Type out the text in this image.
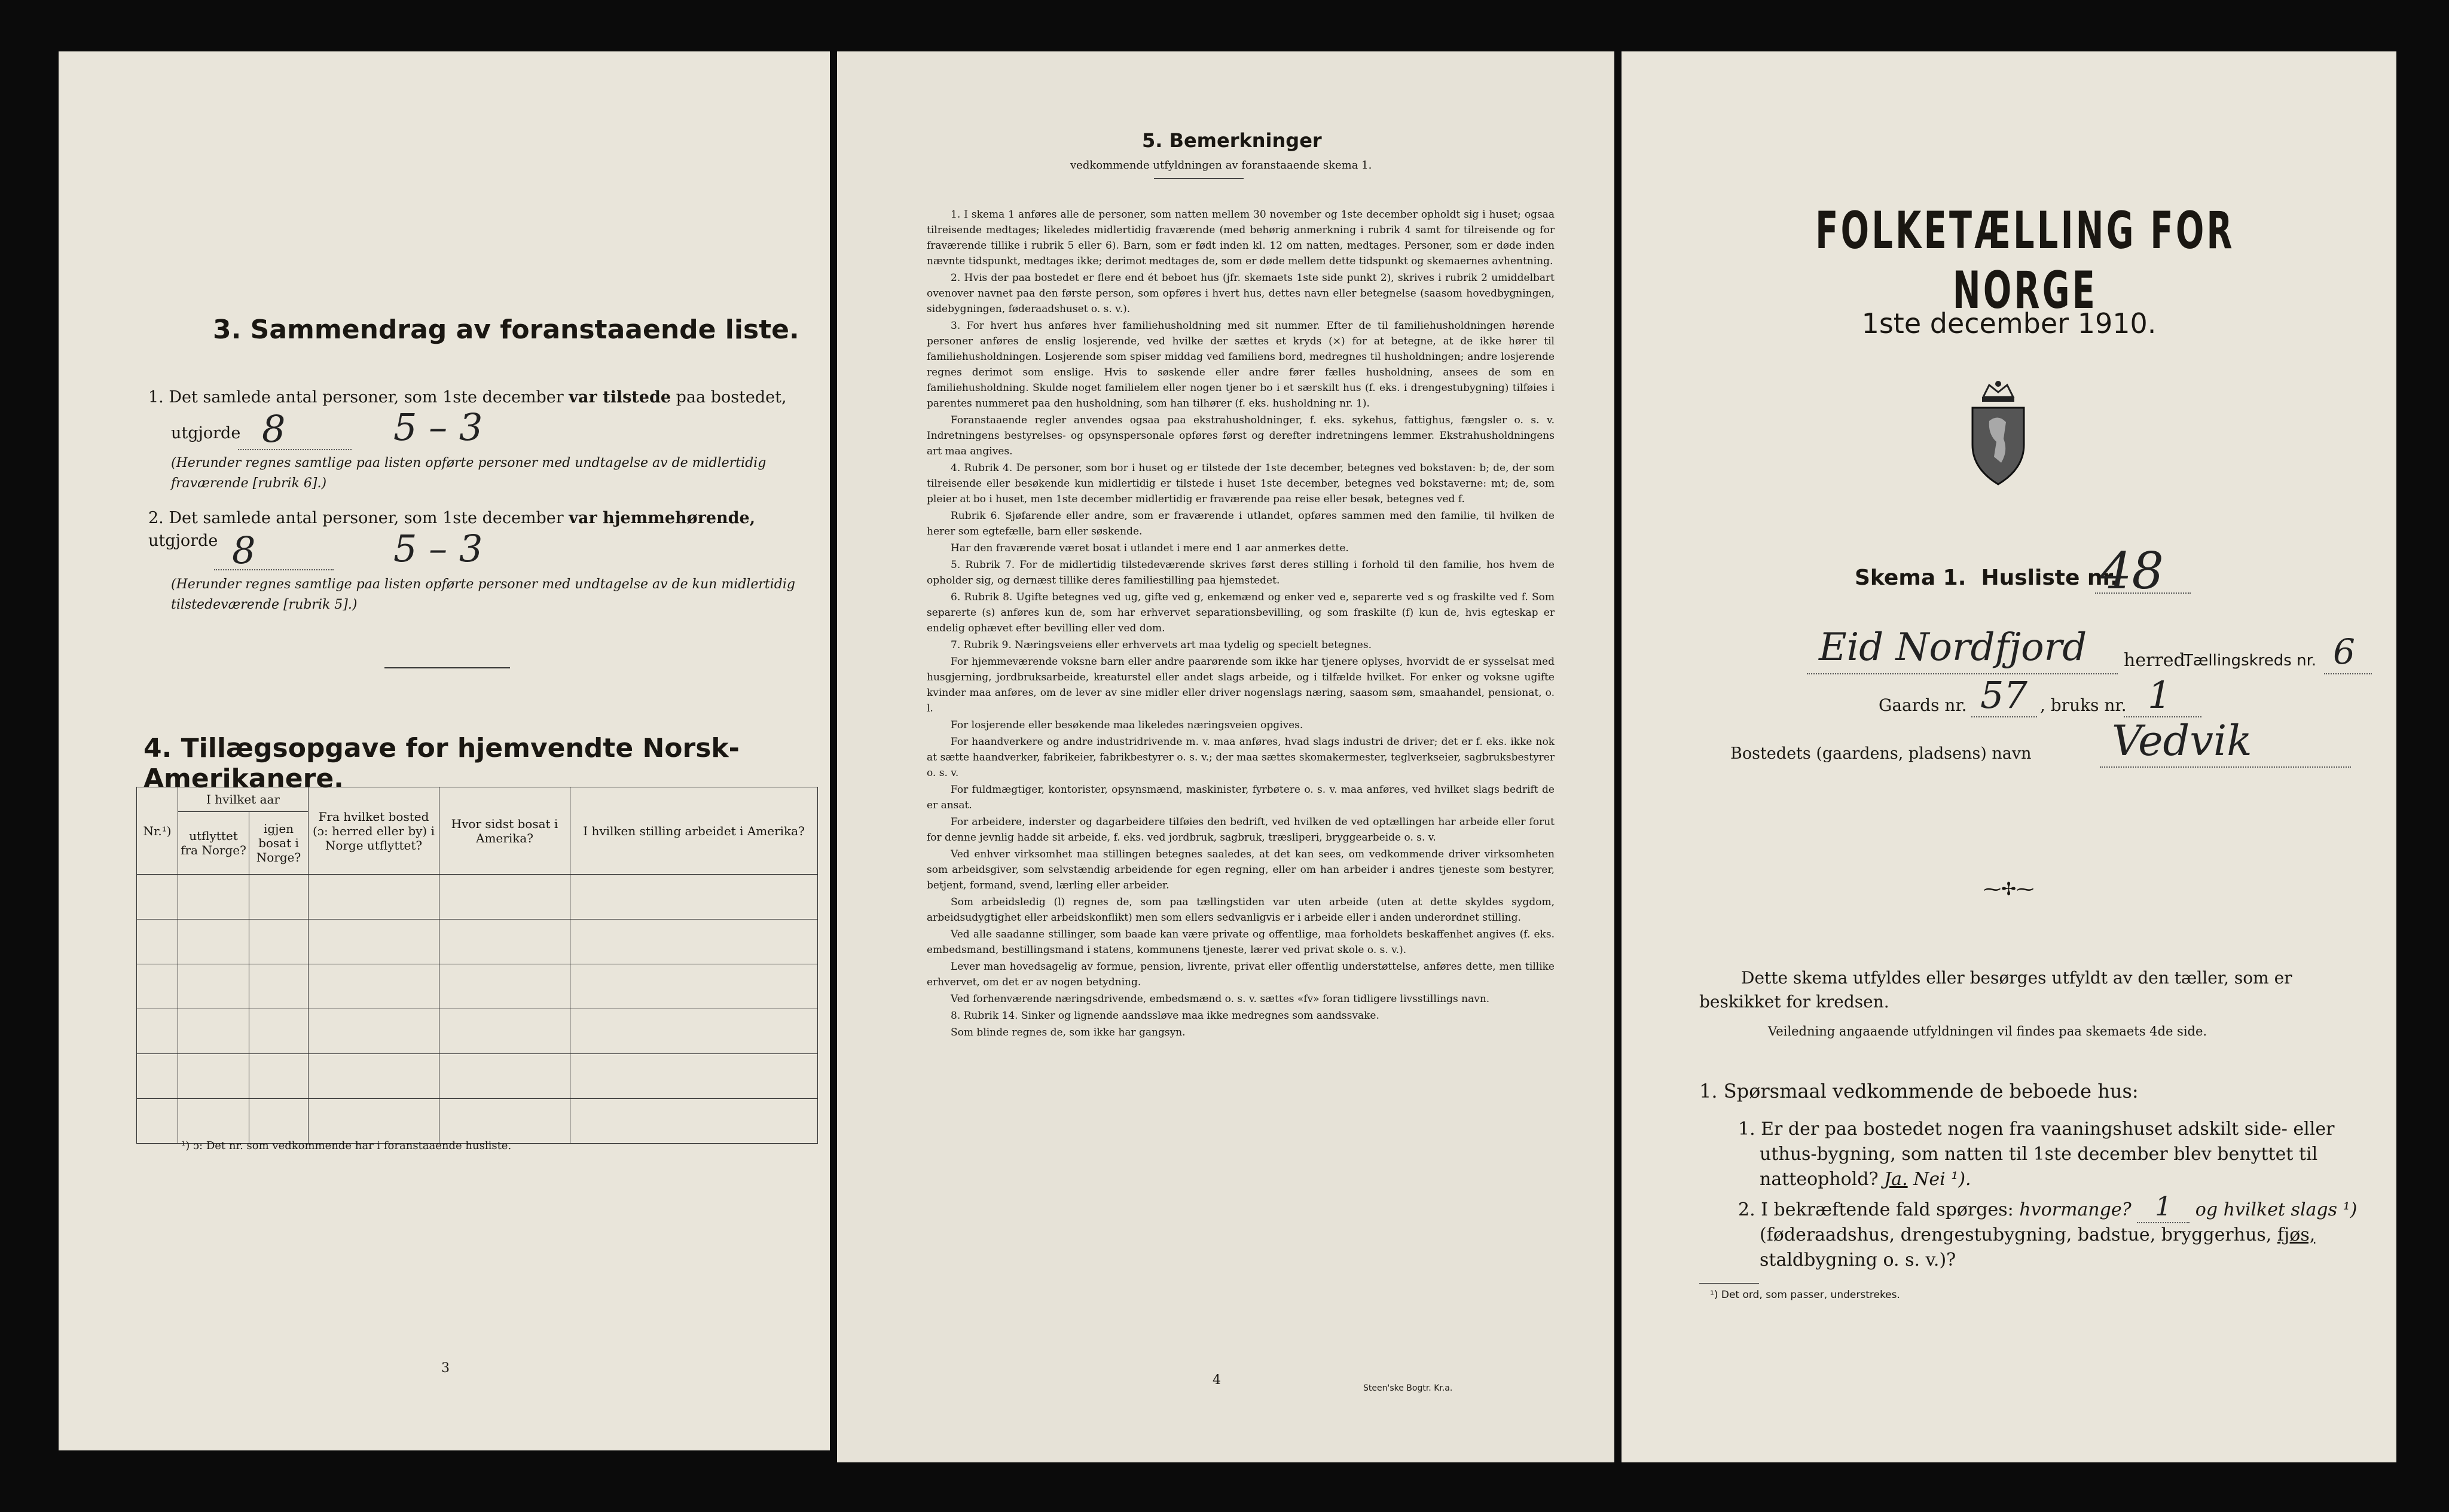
3. Sammendrag av foranstaaende liste.
1. Det samlede antal personer, som 1ste december var tilstede paa bostedet,
utgjorde 8	5 – 3
(Herunder regnes samtlige paa listen opførte personer med undtagelse av de midlertidig fraværende [rubrik 6].)
2. Det samlede antal personer, som 1ste december var hjemmehørende, utgjorde 8	5 – 3
(Herunder regnes samtlige paa listen opførte personer med undtagelse av de kun midlertidig tilstedeværende [rubrik 5].)
4. Tillægsopgave for hjemvendte Norsk-Amerikanere.
Nr.¹)	I hvilket aar		Fra hvilket bosted (ɔ: herred eller by) i Norge utflyttet?	Hvor sidst bosat i Amerika?	I hvilken stilling arbeidet i Amerika?
	utflyttet fra Norge?	igjen bosat i Norge?			

¹) ɔ: Det nr. som vedkommende har i foranstaaende husliste.
3
5. Bemerkninger
vedkommende utfyldningen av foranstaaende skema 1.

1. I skema 1 anføres alle de personer, som natten mellem 30 november og 1ste december opholdt sig i huset; ogsaa tilreisende medtages; likeledes midlertidig fraværende (med behørig anmerkning i rubrik 4 samt for tilreisende og for fraværende tillike i rubrik 5 eller 6). Barn, som er født inden kl. 12 om natten, medtages. Personer, som er døde inden nævnte tidspunkt, medtages ikke; derimot medtages de, som er døde mellem dette tidspunkt og skemaernes avhentning.

2. Hvis der paa bostedet er flere end ét beboet hus (jfr. skemaets 1ste side punkt 2), skrives i rubrik 2 umiddelbart ovenover navnet paa den første person, som opføres i hvert hus, dettes navn eller betegnelse (saasom hovedbygningen, sidebygningen, føderaadshuset o. s. v.).

3. For hvert hus anføres hver familiehusholdning med sit nummer. Efter de til familiehusholdningen hørende personer anføres de enslig losjerende, ved hvilke der sættes et kryds (×) for at betegne, at de ikke hører til familiehusholdningen. Losjerende som spiser middag ved familiens bord, medregnes til husholdningen; andre losjerende regnes derimot som enslige. Hvis to søskende eller andre fører fælles husholdning, ansees de som en familiehusholdning. Skulde noget familielem eller nogen tjener bo i et særskilt hus (f. eks. i drengestubygning) tilføies i parentes nummeret paa den husholdning, som han tilhører (f. eks. husholdning nr. 1).

Foranstaaende regler anvendes ogsaa paa ekstrahusholdninger, f. eks. sykehus, fattighus, fængsler o. s. v. Indretningens bestyrelses- og opsynspersonale opføres først og derefter indretningens lemmer. Ekstrahusholdningens art maa angives.

4. Rubrik 4. De personer, som bor i huset og er tilstede der 1ste december, betegnes ved bokstaven: b; de, der som tilreisende eller besøkende kun midlertidig er tilstede i huset 1ste december, betegnes ved bokstaverne: mt; de, som pleier at bo i huset, men 1ste december midlertidig er fraværende paa reise eller besøk, betegnes ved f.

Rubrik 6. Sjøfarende eller andre, som er fraværende i utlandet, opføres sammen med den familie, til hvilken de herer som egtefælle, barn eller søskende.

Har den fraværende været bosat i utlandet i mere end 1 aar anmerkes dette.

5. Rubrik 7. For de midlertidig tilstedeværende skrives først deres stilling i forhold til den familie, hos hvem de opholder sig, og dernæst tillike deres familiestilling paa hjemstedet.

6. Rubrik 8. Ugifte betegnes ved ug, gifte ved g, enkemænd og enker ved e, separerte ved s og fraskilte ved f. Som separerte (s) anføres kun de, som har erhvervet separationsbevilling, og som fraskilte (f) kun de, hvis egteskap er endelig ophævet efter bevilling eller ved dom.

7. Rubrik 9. Næringsveiens eller erhvervets art maa tydelig og specielt betegnes.

For hjemmeværende voksne barn eller andre paarørende som ikke har tjenere oplyses, hvorvidt de er sysselsat med husgjerning, jordbruksarbeide, kreaturstel eller andet slags arbeide, og i tilfælde hvilket. For enker og voksne ugifte kvinder maa anføres, om de lever av sine midler eller driver nogenslags næring, saasom søm, smaahandel, pensionat, o. l.

For losjerende eller besøkende maa likeledes næringsveien opgives.

For haandverkere og andre industridrivende m. v. maa anføres, hvad slags industri de driver; det er f. eks. ikke nok at sætte haandverker, fabrikeier, fabrikbestyrer o. s. v.; der maa sættes skomakermester, teglverkseier, sagbruksbestyrer o. s. v.

For fuldmægtiger, kontorister, opsynsmænd, maskinister, fyrbøtere o. s. v. maa anføres, ved hvilket slags bedrift de er ansat.

For arbeidere, inderster og dagarbeidere tilføies den bedrift, ved hvilken de ved optællingen har arbeide eller forut for denne jevnlig hadde sit arbeide, f. eks. ved jordbruk, sagbruk, træsliperi, bryggearbeide o. s. v.

Ved enhver virksomhet maa stillingen betegnes saaledes, at det kan sees, om vedkommende driver virksomheten som arbeidsgiver, som selvstændig arbeidende for egen regning, eller om han arbeider i andres tjeneste som bestyrer, betjent, formand, svend, lærling eller arbeider.

Som arbeidsledig (l) regnes de, som paa tællingstiden var uten arbeide (uten at dette skyldes sygdom, arbeidsudygtighet eller arbeidskonflikt) men som ellers sedvanligvis er i arbeide eller i anden underordnet stilling.

Ved alle saadanne stillinger, som baade kan være private og offentlige, maa forholdets beskaffenhet angives (f. eks. embedsmand, bestillingsmand i statens, kommunens tjeneste, lærer ved privat skole o. s. v.).

Lever man hovedsagelig av formue, pension, livrente, privat eller offentlig understøttelse, anføres dette, men tillike erhvervet, om det er av nogen betydning.

Ved forhenværende næringsdrivende, embedsmænd o. s. v. sættes «fv» foran tidligere livsstillings navn.

8. Rubrik 14. Sinker og lignende aandssløve maa ikke medregnes som aandssvake.

Som blinde regnes de, som ikke har gangsyn.

4
Steen'ske Bogtr. Kr.a.
FOLKETÆLLING FOR NORGE
1ste december 1910.
Skema 1. Husliste nr.
48
Eid Nordfjord herred.
Tællingskreds nr. 6
Gaards nr. 57 , bruks nr. 1
Bostedets (gaardens, pladsens) navn Vedvik
⁓✢⁓
Dette skema utfyldes eller besørges utfyldt av den tæller, som er beskikket for kredsen.
Veiledning angaaende utfyldningen vil findes paa skemaets 4de side.
1. Spørsmaal vedkommende de beboede hus:
1. Er der paa bostedet nogen fra vaaningshuset adskilt side- eller uthus-bygning, som natten til 1ste december blev benyttet til natteophold? Ja. Nei ¹).
2. I bekræftende fald spørges: hvormange? 1 og hvilket slags ¹) (føderaadshus, drengestubygning, badstue, bryggerhus, fjøs, staldbygning o. s. v.)?
¹) Det ord, som passer, understrekes.
